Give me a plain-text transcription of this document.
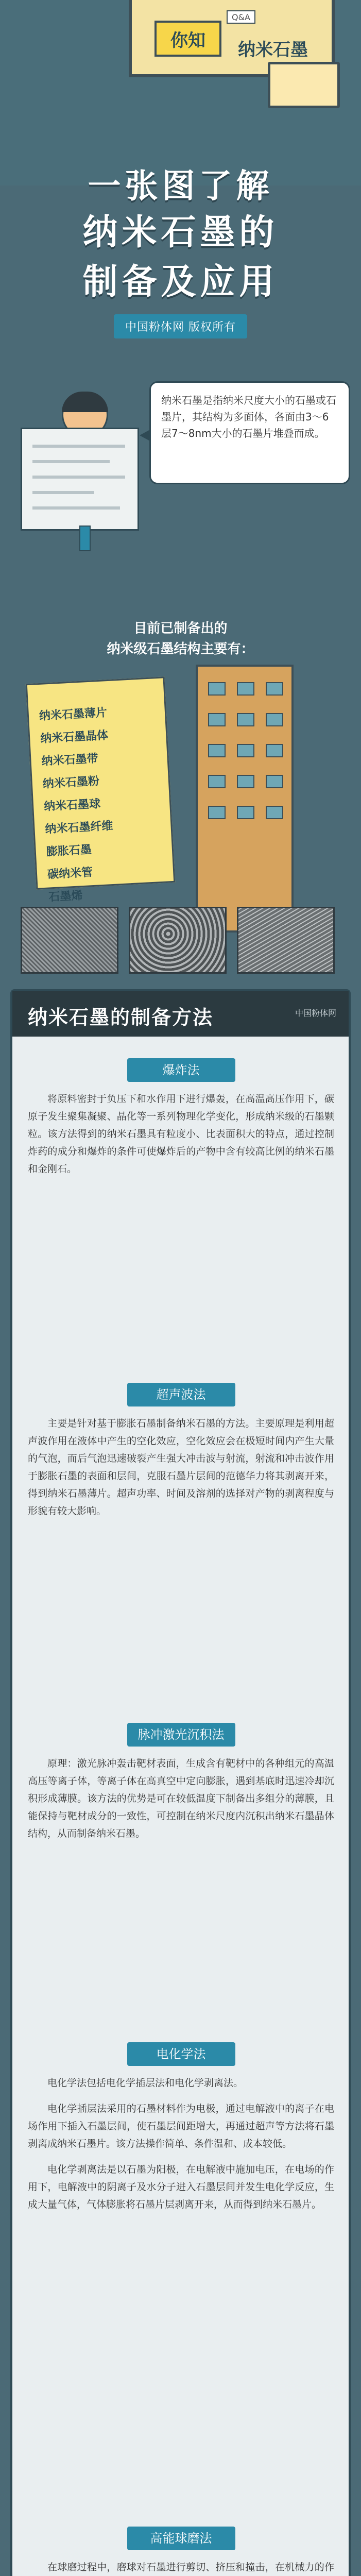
你知
Q&A
纳米石墨
一张图了解
纳米石墨的
制备及应用
中国粉体网 版权所有
纳米石墨是指纳米尺度大小的石墨或石墨片，其结构为多面体，各面由3～6层7～8nm大小的石墨片堆叠而成。
目前已制备出的
纳米级石墨结构主要有：
纳米石墨薄片
纳米石墨晶体
纳米石墨带
纳米石墨粉
纳米石墨球
纳米石墨纤维
膨胀石墨
碳纳米管
石墨烯
纳米石墨的制备方法	中国粉体网
爆炸法

将原料密封于负压下和水作用下进行爆轰，在高温高压作用下，碳原子发生聚集凝聚、晶化等一系列物理化学变化，形成纳米级的石墨颗粒。该方法得到的纳米石墨具有粒度小、比表面积大的特点，通过控制炸药的成分和爆炸的条件可使爆炸后的产物中含有较高比例的纳米石墨和金刚石。

超声波法

主要是针对基于膨胀石墨制备纳米石墨的方法。主要原理是利用超声波作用在液体中产生的空化效应，空化效应会在极短时间内产生大量的气泡，而后气泡迅速破裂产生强大冲击波与射流，射流和冲击波作用于膨胀石墨的表面和层间，克服石墨片层间的范德华力将其剥离开来，得到纳米石墨薄片。超声功率、时间及溶剂的选择对产物的剥离程度与形貌有较大影响。

脉冲激光沉积法

原理：激光脉冲轰击靶材表面，生成含有靶材中的各种组元的高温高压等离子体，等离子体在高真空中定向膨胀，遇到基底时迅速冷却沉积形成薄膜。该方法的优势是可在较低温度下制备出多组分的薄膜，且能保持与靶材成分的一致性，可控制在纳米尺度内沉积出纳米石墨晶体结构，从而制备纳米石墨。

电化学法

电化学法包括电化学插层法和电化学剥离法。

电化学插层法采用的石墨材料作为电极，通过电解液中的离子在电场作用下插入石墨层间，使石墨层间距增大，再通过超声等方法将石墨剥离成纳米石墨片。该方法操作简单、条件温和、成本较低。

电化学剥离法是以石墨为阳极，在电解液中施加电压，在电场的作用下，电解液中的阴离子及水分子进入石墨层间并发生电化学反应，生成大量气体，气体膨胀将石墨片层剥离开来，从而得到纳米石墨片。

高能球磨法

在球磨过程中，磨球对石墨进行剪切、挤压和撞击，在机械力的作
